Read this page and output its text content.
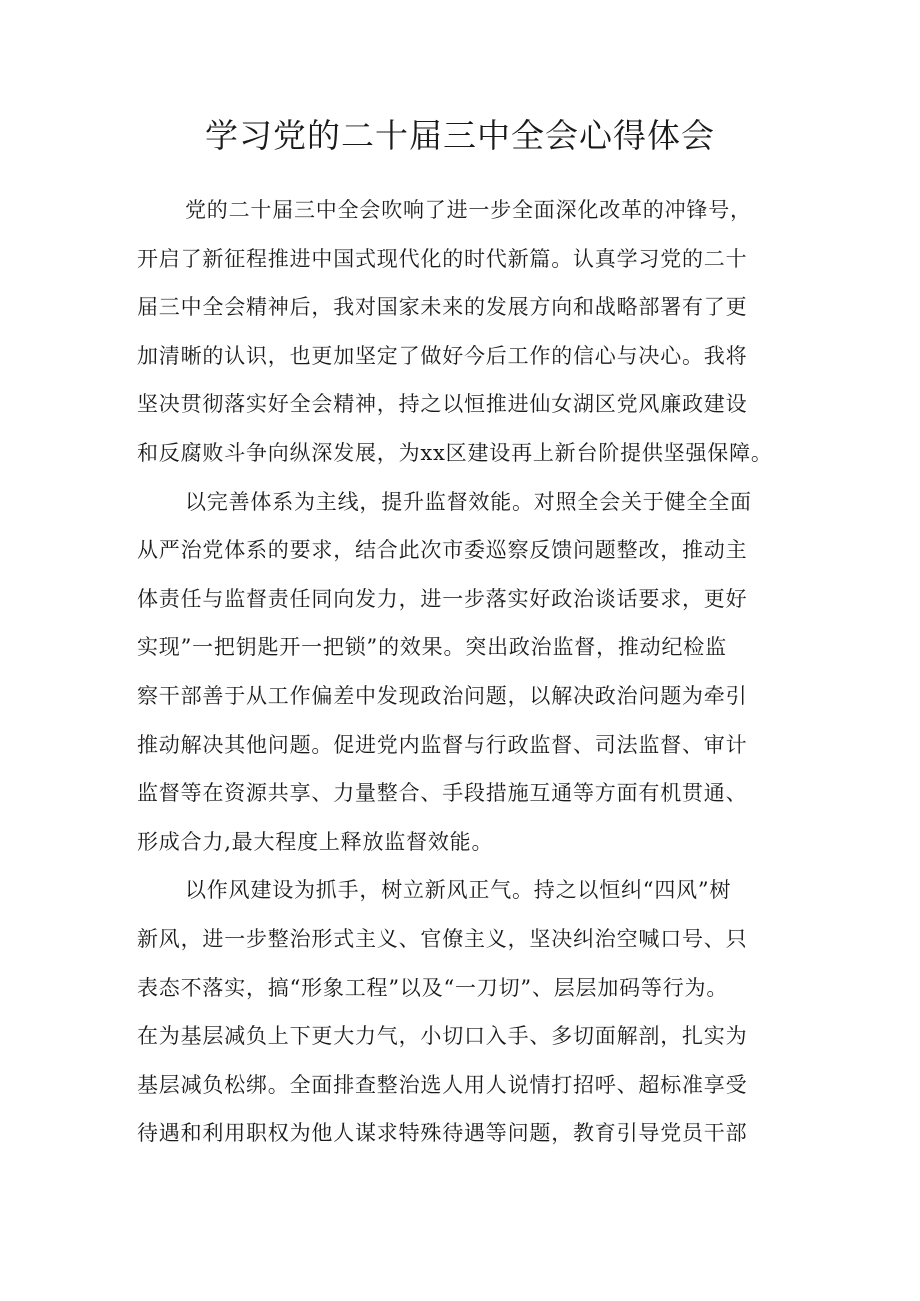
学习党的二十届三中全会心得体会
党的二十届三中全会吹响了进一步全面深化改革的冲锋号，
开启了新征程推进中国式现代化的时代新篇。认真学习党的二十
届三中全会精神后，我对国家未来的发展方向和战略部署有了更
加清晰的认识，也更加坚定了做好今后工作的信心与决心。我将
坚决贯彻落实好全会精神，持之以恒推进仙女湖区党风廉政建设
和反腐败斗争向纵深发展，为xx区建设再上新台阶提供坚强保障。
以完善体系为主线，提升监督效能。对照全会关于健全全面
从严治党体系的要求，结合此次市委巡察反馈问题整改，推动主
体责任与监督责任同向发力，进一步落实好政治谈话要求，更好
实现”一把钥匙开一把锁”的效果。突出政治监督，推动纪检监
察干部善于从工作偏差中发现政治问题，以解决政治问题为牵引
推动解决其他问题。促进党内监督与行政监督、司法监督、审计
监督等在资源共享、力量整合、手段措施互通等方面有机贯通、
形成合力,最大程度上释放监督效能。
以作风建设为抓手，树立新风正气。持之以恒纠“四风”树
新风，进一步整治形式主义、官僚主义，坚决纠治空喊口号、只
表态不落实，搞“形象工程”以及“一刀切”、层层加码等行为。
在为基层减负上下更大力气，小切口入手、多切面解剖，扎实为
基层减负松绑。全面排查整治选人用人说情打招呼、超标准享受
待遇和利用职权为他人谋求特殊待遇等问题，教育引导党员干部
